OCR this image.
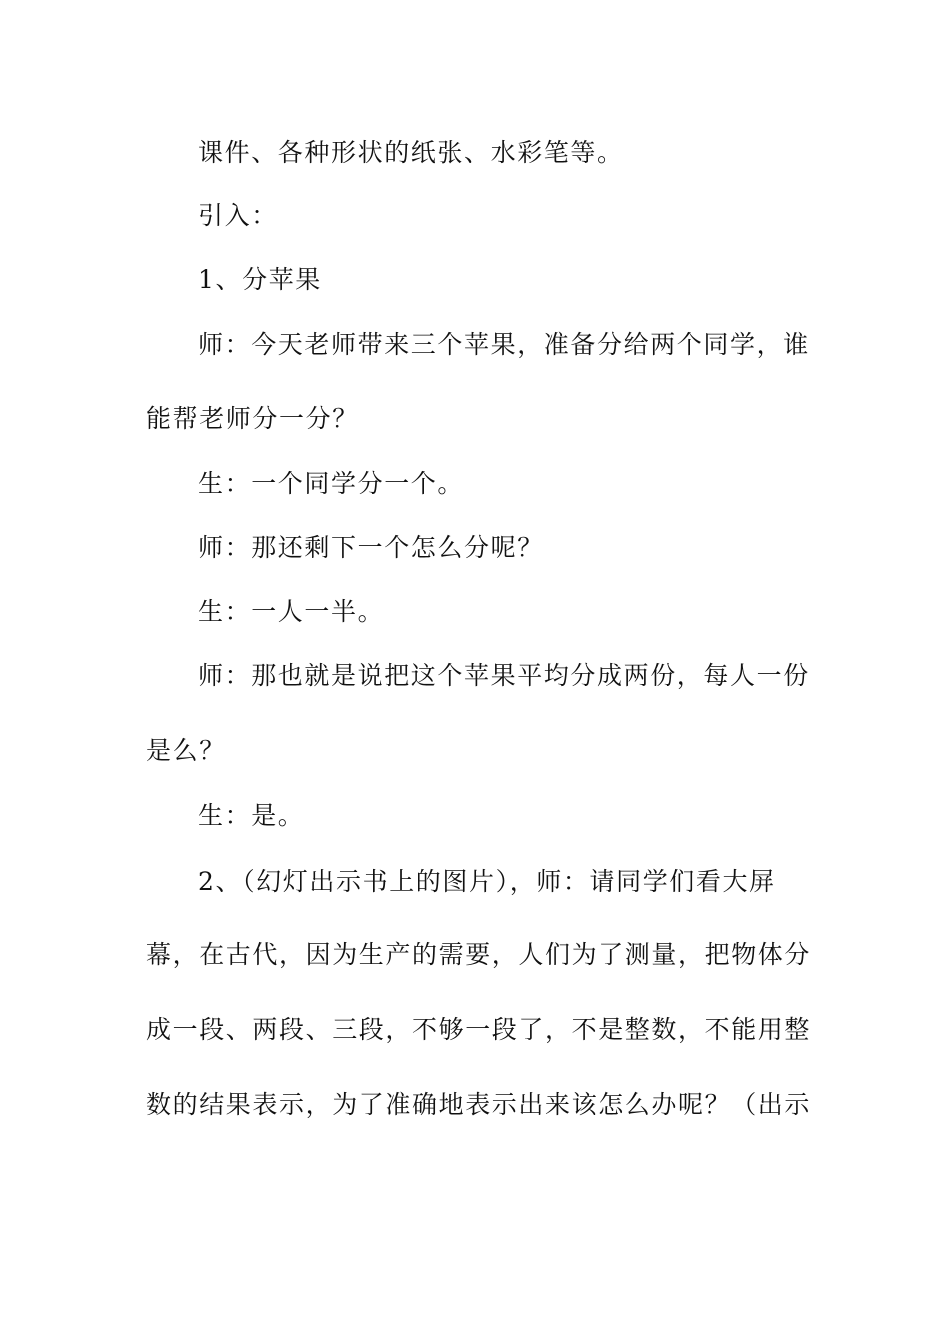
课件、各种形状的纸张、水彩笔等。
引入：
1、分苹果
师：今天老师带来三个苹果，准备分给两个同学，谁
能帮老师分一分？
生：一个同学分一个。
师：那还剩下一个怎么分呢？
生：一人一半。
师：那也就是说把这个苹果平均分成两份，每人一份
是么？
生：是。
2、（幻灯出示书上的图片），师：请同学们看大屏
幕，在古代，因为生产的需要，人们为了测量，把物体分
成一段、两段、三段，不够一段了，不是整数，不能用整
数的结果表示，为了准确地表示出来该怎么办呢？（出示
